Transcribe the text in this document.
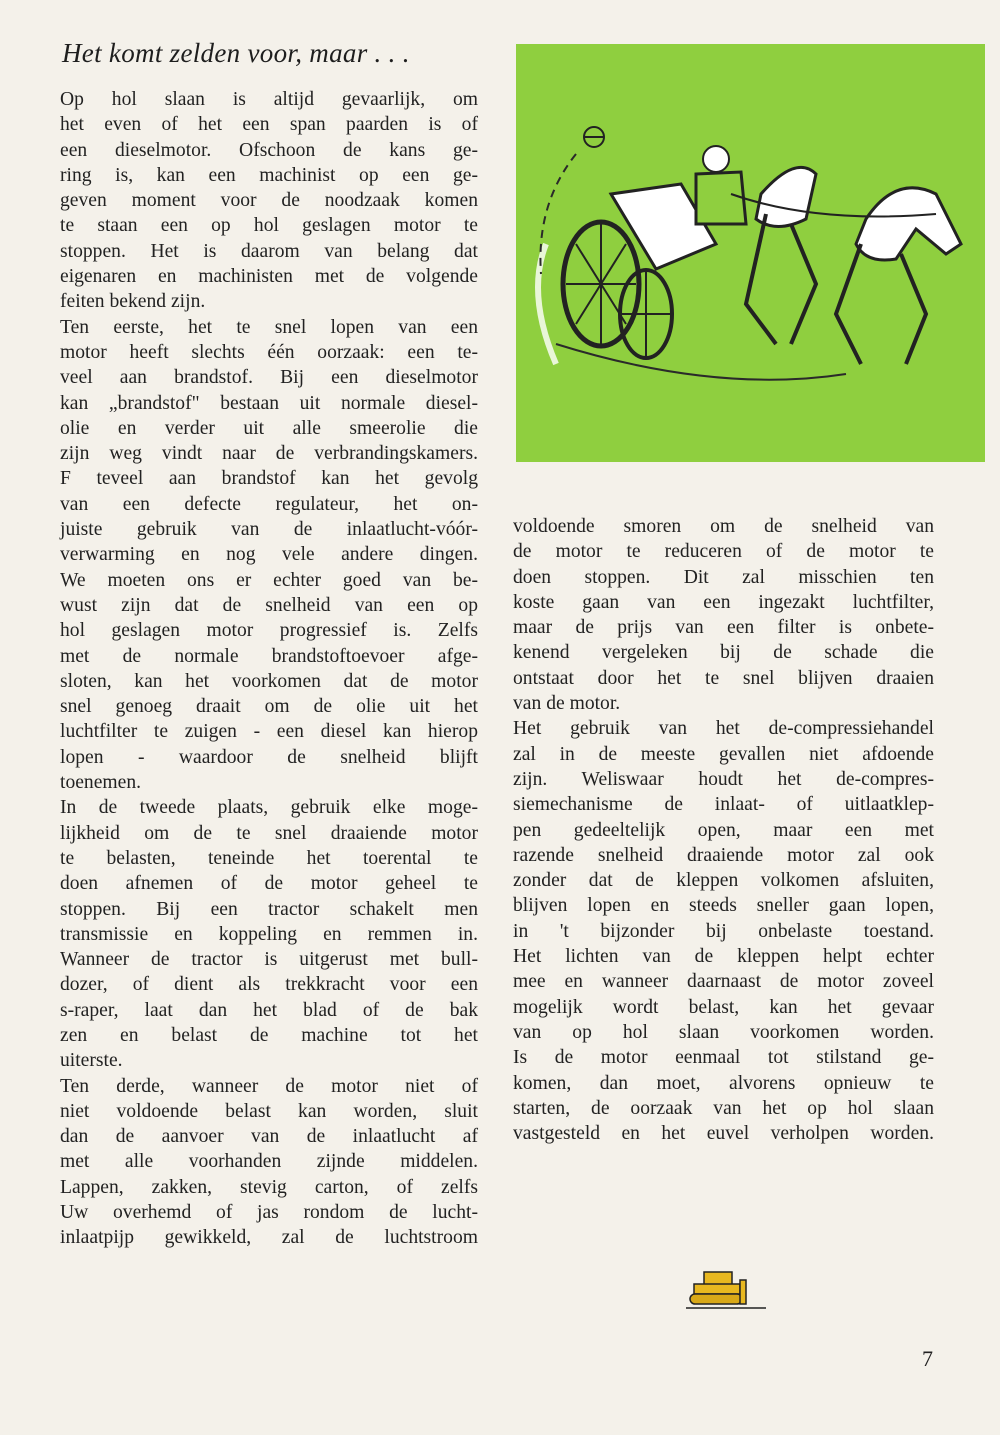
Het komt zelden voor, maar . . .
Op hol slaan is altijd gevaarlijk, om
het even of het een span paarden is of
een dieselmotor. Ofschoon de kans ge-
ring is, kan een machinist op een ge-
geven moment voor de noodzaak komen
te staan een op hol geslagen motor te
stoppen. Het is daarom van belang dat
eigenaren en machinisten met de volgende
feiten bekend zijn.
Ten eerste, het te snel lopen van een
motor heeft slechts één oorzaak: een te-
veel aan brandstof. Bij een dieselmotor
kan „brandstof" bestaan uit normale diesel-
olie en verder uit alle smeerolie die
zijn weg vindt naar de verbrandingskamers.
F teveel aan brandstof kan het gevolg
van een defecte regulateur, het on-
juiste gebruik van de inlaatlucht-vóór-
verwarming en nog vele andere dingen.
We moeten ons er echter goed van be-
wust zijn dat de snelheid van een op
hol geslagen motor progressief is. Zelfs
met de normale brandstoftoevoer afge-
sloten, kan het voorkomen dat de motor
snel genoeg draait om de olie uit het
luchtfilter te zuigen - een diesel kan hierop
lopen - waardoor de snelheid blijft
toenemen.
In de tweede plaats, gebruik elke moge-
lijkheid om de te snel draaiende motor
te belasten, teneinde het toerental te
doen afnemen of de motor geheel te
stoppen. Bij een tractor schakelt men
transmissie en koppeling en remmen in.
Wanneer de tractor is uitgerust met bull-
dozer, of dient als trekkracht voor een
s-raper, laat dan het blad of de bak
zen en belast de machine tot het
uiterste.
Ten derde, wanneer de motor niet of
niet voldoende belast kan worden, sluit
dan de aanvoer van de inlaatlucht af
met alle voorhanden zijnde middelen.
Lappen, zakken, stevig carton, of zelfs
Uw overhemd of jas rondom de lucht-
inlaatpijp gewikkeld, zal de luchtstroom
voldoende smoren om de snelheid van
de motor te reduceren of de motor te
doen stoppen. Dit zal misschien ten
koste gaan van een ingezakt luchtfilter,
maar de prijs van een filter is onbete-
kenend vergeleken bij de schade die
ontstaat door het te snel blijven draaien
van de motor.
Het gebruik van het de-compressiehandel
zal in de meeste gevallen niet afdoende
zijn. Weliswaar houdt het de-compres-
siemechanisme de inlaat- of uitlaatklep-
pen gedeeltelijk open, maar een met
razende snelheid draaiende motor zal ook
zonder dat de kleppen volkomen afsluiten,
blijven lopen en steeds sneller gaan lopen,
in 't bijzonder bij onbelaste toestand.
Het lichten van de kleppen helpt echter
mee en wanneer daarnaast de motor zoveel
mogelijk wordt belast, kan het gevaar
van op hol slaan voorkomen worden.
Is de motor eenmaal tot stilstand ge-
komen, dan moet, alvorens opnieuw te
starten, de oorzaak van het op hol slaan
vastgesteld en het euvel verholpen worden.
7
